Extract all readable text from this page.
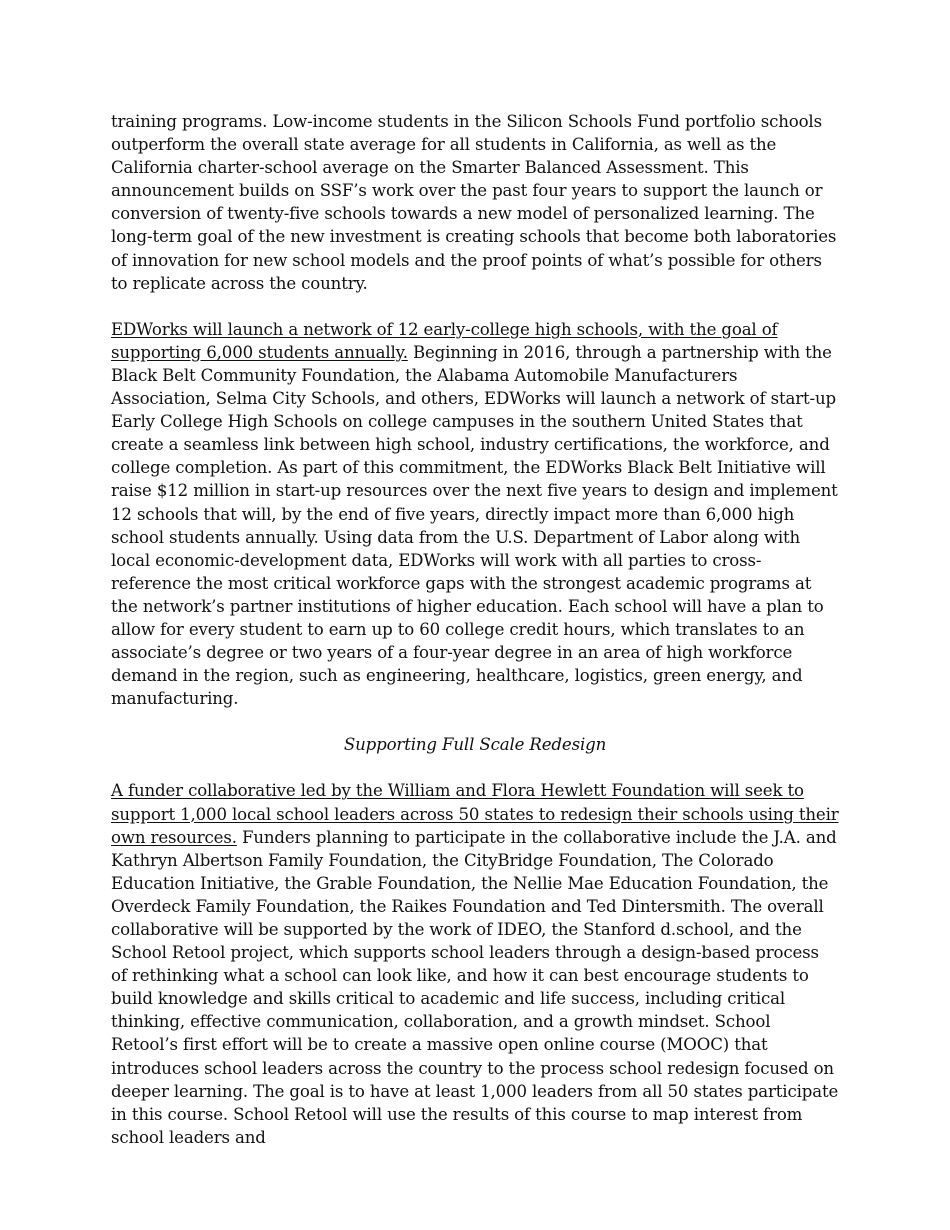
training programs. Low-income students in the Silicon Schools Fund portfolio schools outperform the overall state average for all students in California, as well as the California charter-school average on the Smarter Balanced Assessment. This announcement builds on SSF’s work over the past four years to support the launch or conversion of twenty-five schools towards a new model of personalized learning. The long-term goal of the new investment is creating schools that become both laboratories of innovation for new school models and the proof points of what’s possible for others to replicate across the country.

EDWorks will launch a network of 12 early-college high schools, with the goal of supporting 6,000 students annually. Beginning in 2016, through a partnership with the Black Belt Community Foundation, the Alabama Automobile Manufacturers Association, Selma City Schools, and others, EDWorks will launch a network of start-up Early College High Schools on college campuses in the southern United States that create a seamless link between high school, industry certifications, the workforce, and college completion. As part of this commitment, the EDWorks Black Belt Initiative will raise $12 million in start-up resources over the next five years to design and implement 12 schools that will, by the end of five years, directly impact more than 6,000 high school students annually. Using data from the U.S. Department of Labor along with local economic-development data, EDWorks will work with all parties to cross-reference the most critical workforce gaps with the strongest academic programs at the network’s partner institutions of higher education. Each school will have a plan to allow for every student to earn up to 60 college credit hours, which translates to an associate’s degree or two years of a four-year degree in an area of high workforce demand in the region, such as engineering, healthcare, logistics, green energy, and manufacturing.

Supporting Full Scale Redesign

A funder collaborative led by the William and Flora Hewlett Foundation will seek to support 1,000 local school leaders across 50 states to redesign their schools using their own resources. Funders planning to participate in the collaborative include the J.A. and Kathryn Albertson Family Foundation, the CityBridge Foundation, The Colorado Education Initiative, the Grable Foundation, the Nellie Mae Education Foundation, the Overdeck Family Foundation, the Raikes Foundation and Ted Dintersmith. The overall collaborative will be supported by the work of IDEO, the Stanford d.school, and the School Retool project, which supports school leaders through a design-based process of rethinking what a school can look like, and how it can best encourage students to build knowledge and skills critical to academic and life success, including critical thinking, effective communication, collaboration, and a growth mindset. School Retool’s first effort will be to create a massive open online course (MOOC) that introduces school leaders across the country to the process school redesign focused on deeper learning. The goal is to have at least 1,000 leaders from all 50 states participate in this course. School Retool will use the results of this course to map interest from school leaders and
